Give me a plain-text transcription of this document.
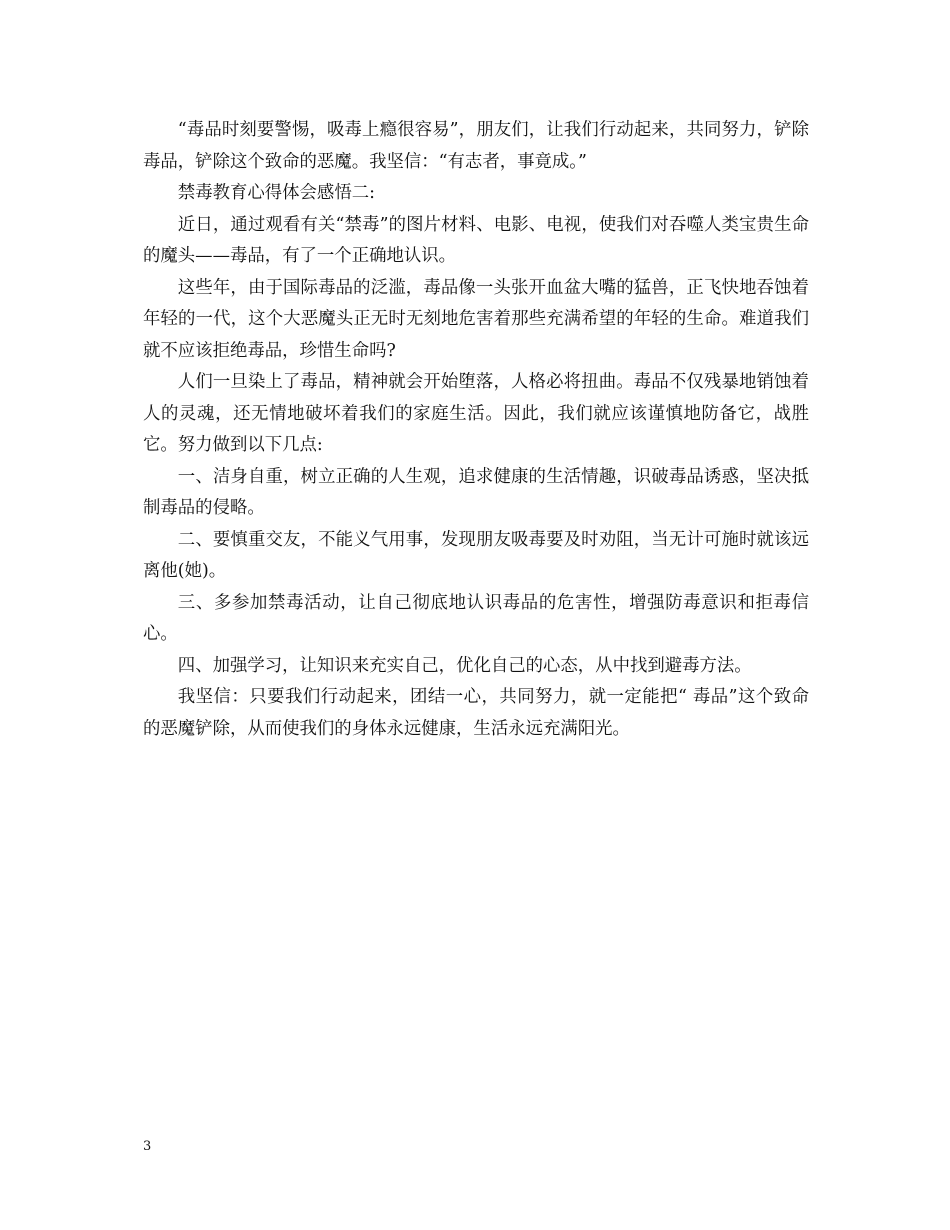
“毒品时刻要警惕，吸毒上瘾很容易”，朋友们，让我们行动起来，共同努力，铲除毒品，铲除这个致命的恶魔。我坚信：“有志者，事竟成。”

禁毒教育心得体会感悟二:

近日，通过观看有关“禁毒”的图片材料、电影、电视，使我们对吞噬人类宝贵生命的魔头——毒品，有了一个正确地认识。

这些年，由于国际毒品的泛滥，毒品像一头张开血盆大嘴的猛兽，正飞快地吞蚀着年轻的一代，这个大恶魔头正无时无刻地危害着那些充满希望的年轻的生命。难道我们就不应该拒绝毒品，珍惜生命吗?

人们一旦染上了毒品，精神就会开始堕落，人格必将扭曲。毒品不仅残暴地销蚀着人的灵魂，还无情地破坏着我们的家庭生活。因此，我们就应该谨慎地防备它，战胜它。努力做到以下几点:

一、洁身自重，树立正确的人生观，追求健康的生活情趣，识破毒品诱惑，坚决抵制毒品的侵略。

二、要慎重交友，不能义气用事，发现朋友吸毒要及时劝阻，当无计可施时就该远离他(她)。

三、多参加禁毒活动，让自己彻底地认识毒品的危害性，增强防毒意识和拒毒信心。

四、加强学习，让知识来充实自己，优化自己的心态，从中找到避毒方法。

我坚信：只要我们行动起来，团结一心，共同努力，就一定能把“ 毒品”这个致命的恶魔铲除，从而使我们的身体永远健康，生活永远充满阳光。

3
